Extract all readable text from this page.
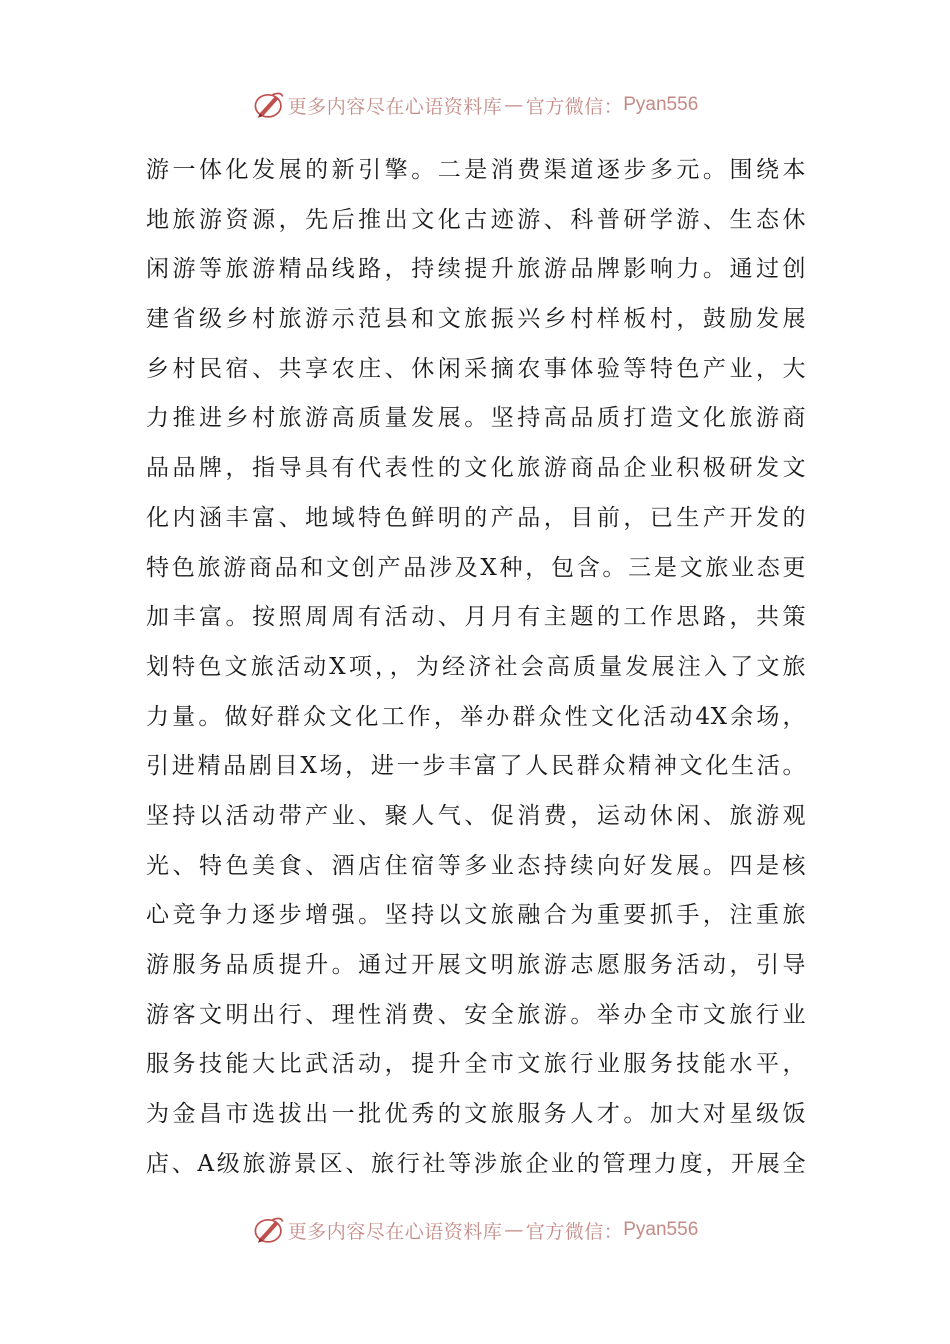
更多内容尽在心语资料库 — 官方微信： Pyan556
游一体化发展的新引擎。二是消费渠道逐步多元。围绕本
地旅游资源，先后推出文化古迹游、科普研学游、生态休
闲游等旅游精品线路，持续提升旅游品牌影响力。通过创
建省级乡村旅游示范县和文旅振兴乡村样板村，鼓励发展
乡村民宿、共享农庄、休闲采摘农事体验等特色产业，大
力推进乡村旅游高质量发展。坚持高品质打造文化旅游商
品品牌，指导具有代表性的文化旅游商品企业积极研发文
化内涵丰富、地域特色鲜明的产品，目前，已生产开发的
特色旅游商品和文创产品涉及X种，包含。三是文旅业态更
加丰富。按照周周有活动、月月有主题的工作思路，共策
划特色文旅活动X项，，为经济社会高质量发展注入了文旅
力量。做好群众文化工作，举办群众性文化活动4X余场，
引进精品剧目X场，进一步丰富了人民群众精神文化生活。
坚持以活动带产业、聚人气、促消费，运动休闲、旅游观
光、特色美食、酒店住宿等多业态持续向好发展。四是核
心竞争力逐步增强。坚持以文旅融合为重要抓手，注重旅
游服务品质提升。通过开展文明旅游志愿服务活动，引导
游客文明出行、理性消费、安全旅游。举办全市文旅行业
服务技能大比武活动，提升全市文旅行业服务技能水平，
为金昌市选拔出一批优秀的文旅服务人才。加大对星级饭
店、A级旅游景区、旅行社等涉旅企业的管理力度，开展全
更多内容尽在心语资料库 — 官方微信： Pyan556
